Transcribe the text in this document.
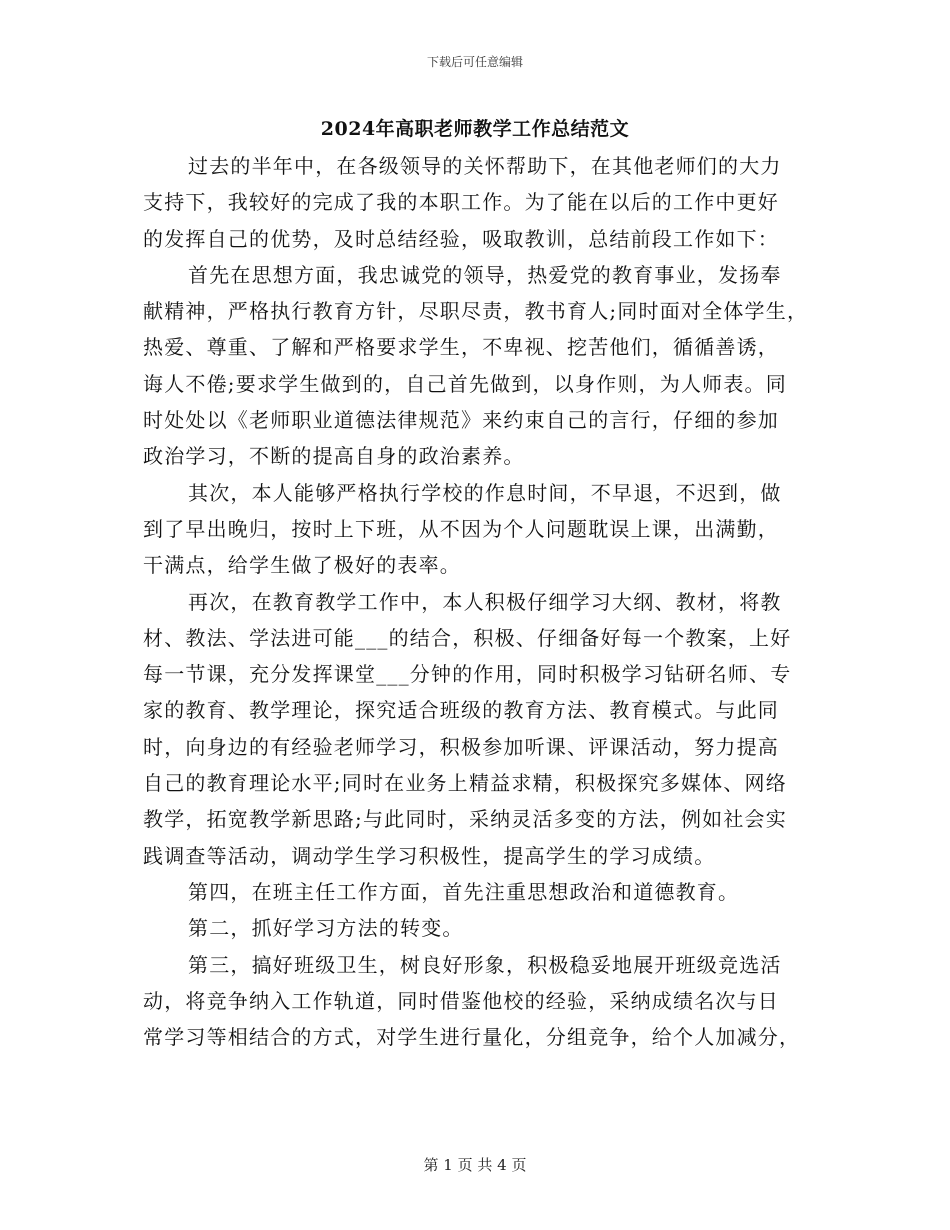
下载后可任意编辑
2024年高职老师教学工作总结范文
过去的半年中，在各级领导的关怀帮助下，在其他老师们的大力
支持下，我较好的完成了我的本职工作。为了能在以后的工作中更好
的发挥自己的优势，及时总结经验，吸取教训，总结前段工作如下：
首先在思想方面，我忠诚党的领导，热爱党的教育事业，发扬奉
献精神，严格执行教育方针，尽职尽责，教书育人;同时面对全体学生，
热爱、尊重、了解和严格要求学生，不卑视、挖苦他们，循循善诱，
诲人不倦;要求学生做到的，自己首先做到，以身作则，为人师表。同
时处处以《老师职业道德法律规范》来约束自己的言行，仔细的参加
政治学习，不断的提高自身的政治素养。
其次，本人能够严格执行学校的作息时间，不早退，不迟到，做
到了早出晚归，按时上下班，从不因为个人问题耽误上课，出满勤，
干满点，给学生做了极好的表率。
再次，在教育教学工作中，本人积极仔细学习大纲、教材，将教
材、教法、学法进可能___的结合，积极、仔细备好每一个教案，上好
每一节课，充分发挥课堂___分钟的作用，同时积极学习钻研名师、专
家的教育、教学理论，探究适合班级的教育方法、教育模式。与此同
时，向身边的有经验老师学习，积极参加听课、评课活动，努力提高
自己的教育理论水平;同时在业务上精益求精，积极探究多媒体、网络
教学，拓宽教学新思路;与此同时，采纳灵活多变的方法，例如社会实
践调查等活动，调动学生学习积极性，提高学生的学习成绩。
第四，在班主任工作方面，首先注重思想政治和道德教育。
第二，抓好学习方法的转变。
第三，搞好班级卫生，树良好形象，积极稳妥地展开班级竞选活
动，将竞争纳入工作轨道，同时借鉴他校的经验，采纳成绩名次与日
常学习等相结合的方式，对学生进行量化，分组竞争，给个人加减分，
第 1 页 共 4 页
